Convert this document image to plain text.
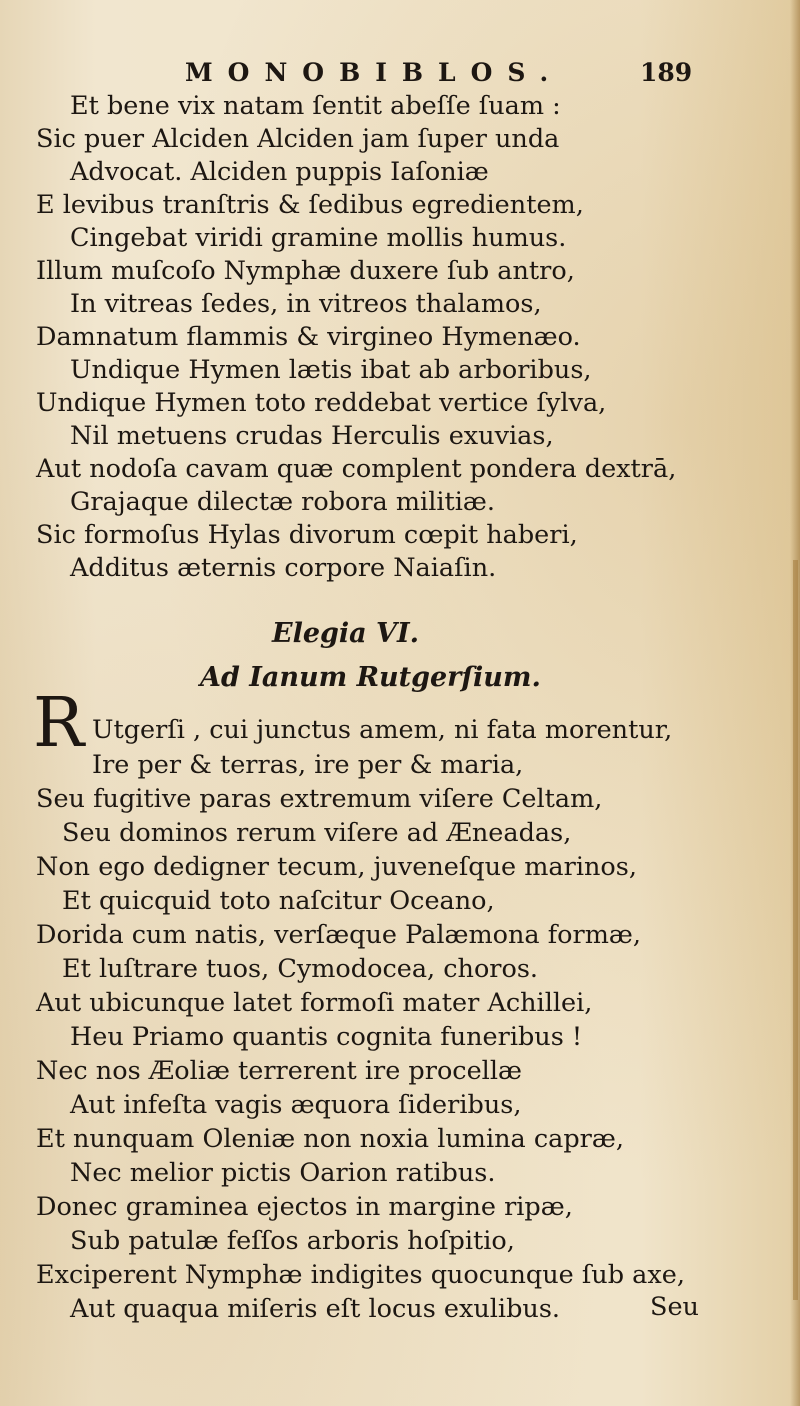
MONOBIBLOS.	189
Et bene vix natam ſentit abeſſe ſuam :
Sic puer Alciden Alciden jam ſuper unda
Advocat. Alciden puppis Iaſoniæ
E levibus tranſtris & ſedibus egredientem,
Cingebat viridi gramine mollis humus.
Illum muſcoſo Nymphæ duxere ſub antro,
In vitreas ſedes, in vitreos thalamos,
Damnatum flammis & virgineo Hymenæo.
Undique Hymen lætis ibat ab arboribus,
Undique Hymen toto reddebat vertice ſylva,
Nil metuens crudas Herculis exuvias,
Aut nodoſa cavam quæ complent pondera dextrā,
Grajaque dilectæ robora militiæ.
Sic formoſus Hylas divorum cœpit haberi,
Additus æternis corpore Naiaſin.
Elegia VI.
Ad Ianum Rutgerſium.
R Utgerſi , cui junctus amem, ni fata morentur,
Ire per & terras, ire per & maria,
Seu fugitive paras extremum viſere Celtam,
Seu dominos rerum viſere ad Æneadas,
Non ego dedigner tecum, juveneſque marinos,
Et quicquid toto naſcitur Oceano,
Dorida cum natis, verſæque Palæmona formæ,
Et luſtrare tuos, Cymodocea, choros.
Aut ubicunque latet formoſi mater Achillei,
Heu Priamo quantis cognita funeribus !
Nec nos Æoliæ terrerent ire procellæ
Aut infeſta vagis æquora ſideribus,
Et nunquam Oleniæ non noxia lumina capræ,
Nec melior pictis Oarion ratibus.
Donec graminea ejectos in margine ripæ,
Sub patulæ feſſos arboris hoſpitio,
Exciperent Nymphæ indigites quocunque ſub axe,
Aut quaqua miſeris eſt locus exulibus.	Seu
